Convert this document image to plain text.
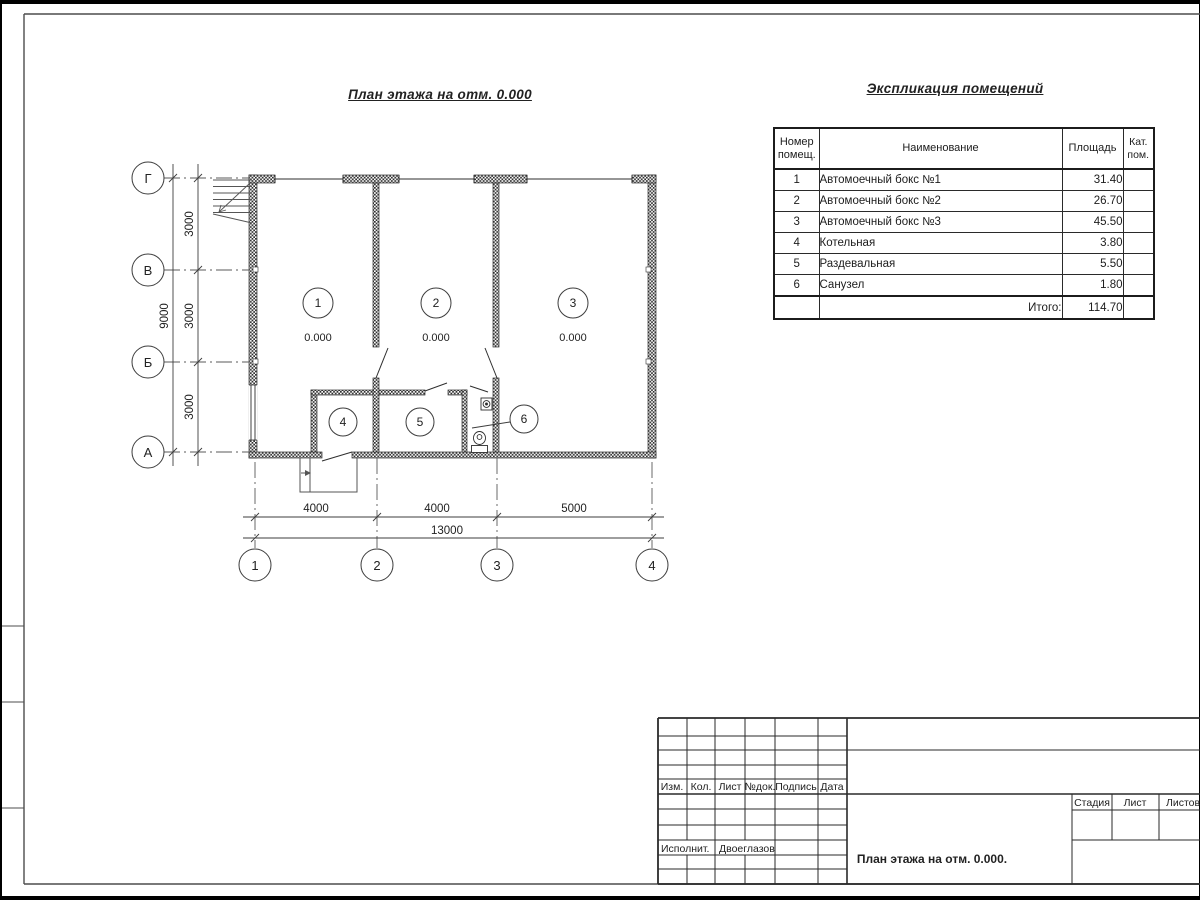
9000
3000
3000
3000
4000	4000	5000
13000
Г
В
Б
А
1	2	3	4
1	2	3
4	5	6
0.000	0.000	0.000
Изм. Кол. Лист №док. Подпись Дата
Исполнит. Двоеглазов
Стадия Лист Листов
План этажа на отм. 0.000.
План этажа на отм. 0.000	Экспликация помещений
Номер помещ.	Наименование	Площадь	Кат. пом.
1	Автомоечный бокс №1	31.40	
2	Автомоечный бокс №2	26.70	
3	Автомоечный бокс №3	45.50	
4	Котельная	3.80	
5	Раздевальная	5.50	
6	Санузел	1.80	
	Итого:	114.70	
